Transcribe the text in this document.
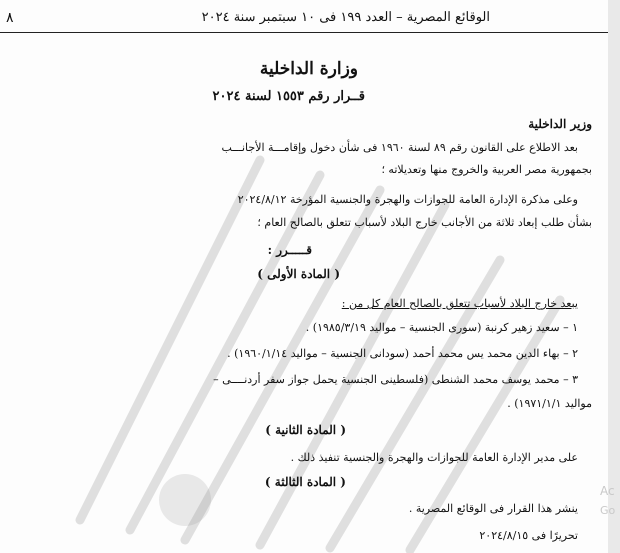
٨	الوقائع المصرية – العدد ١٩٩ فى ١٠ سبتمبر سنة ٢٠٢٤
وزارة الداخلية
قــرار رقم ١٥٥٣ لسنة ٢٠٢٤
وزير الداخلية
بعد الاطلاع على القانون رقم ٨٩ لسنة ١٩٦٠ فى شأن دخول وإقامـــة الأجانـــب
بجمهورية مصر العربية والخروج منها وتعديلاته ؛
وعلى مذكرة الإدارة العامة للجوازات والهجرة والجنسية المؤرخة ٢٠٢٤/٨/١٢
بشأن طلب إبعاد ثلاثة من الأجانب خارج البلاد لأسباب تتعلق بالصالح العام ؛
قـــــرر :
( المادة الأولى )
يبعد خارج البلاد لأسباب تتعلق بالصالح العام كل من :
١ – سعيد زهير كرنبة (سورى الجنسية – مواليد ١٩٨٥/٣/١٩) .
٢ – بهاء الدين محمد يس محمد أحمد (سودانى الجنسية – مواليد ١٩٦٠/١/١٤) .
٣ – محمد يوسف محمد الشنطى (فلسطينى الجنسية يحمل جواز سفر أردنــــى –
مواليد ١٩٧١/١/١) .
( المادة الثانية )
على مدير الإدارة العامة للجوازات والهجرة والجنسية تنفيذ ذلك .
( المادة الثالثة )
ينشر هذا القرار فى الوقائع المصرية .
تحريرًا فى ٢٠٢٤/٨/١٥
Ac
Go
